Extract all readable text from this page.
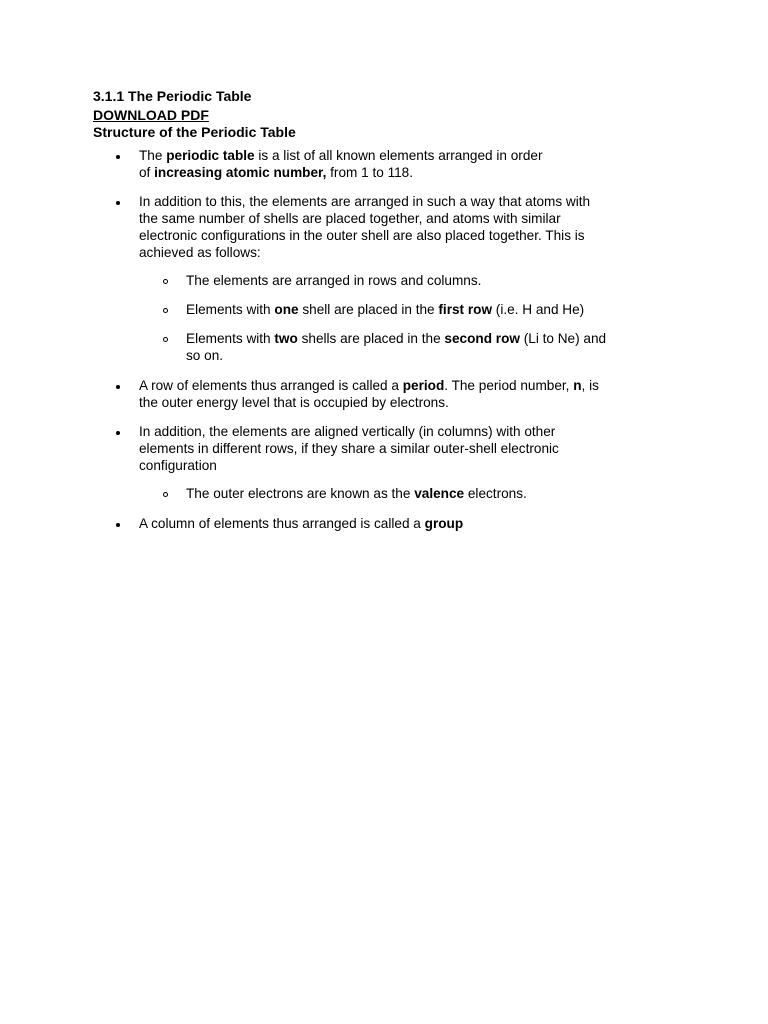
3.1.1 The Periodic Table
DOWNLOAD PDF
Structure of the Periodic Table
The periodic table is a list of all known elements arranged in order
of increasing atomic number, from 1 to 118.
In addition to this, the elements are arranged in such a way that atoms with
the same number of shells are placed together, and atoms with similar
electronic configurations in the outer shell are also placed together. This is
achieved as follows:
The elements are arranged in rows and columns.
Elements with one shell are placed in the first row (i.e. H and He)
Elements with two shells are placed in the second row (Li to Ne) and
so on.
A row of elements thus arranged is called a period. The period number, n, is
the outer energy level that is occupied by electrons.
In addition, the elements are aligned vertically (in columns) with other
elements in different rows, if they share a similar outer-shell electronic
configuration
The outer electrons are known as the valence electrons.
A column of elements thus arranged is called a group
